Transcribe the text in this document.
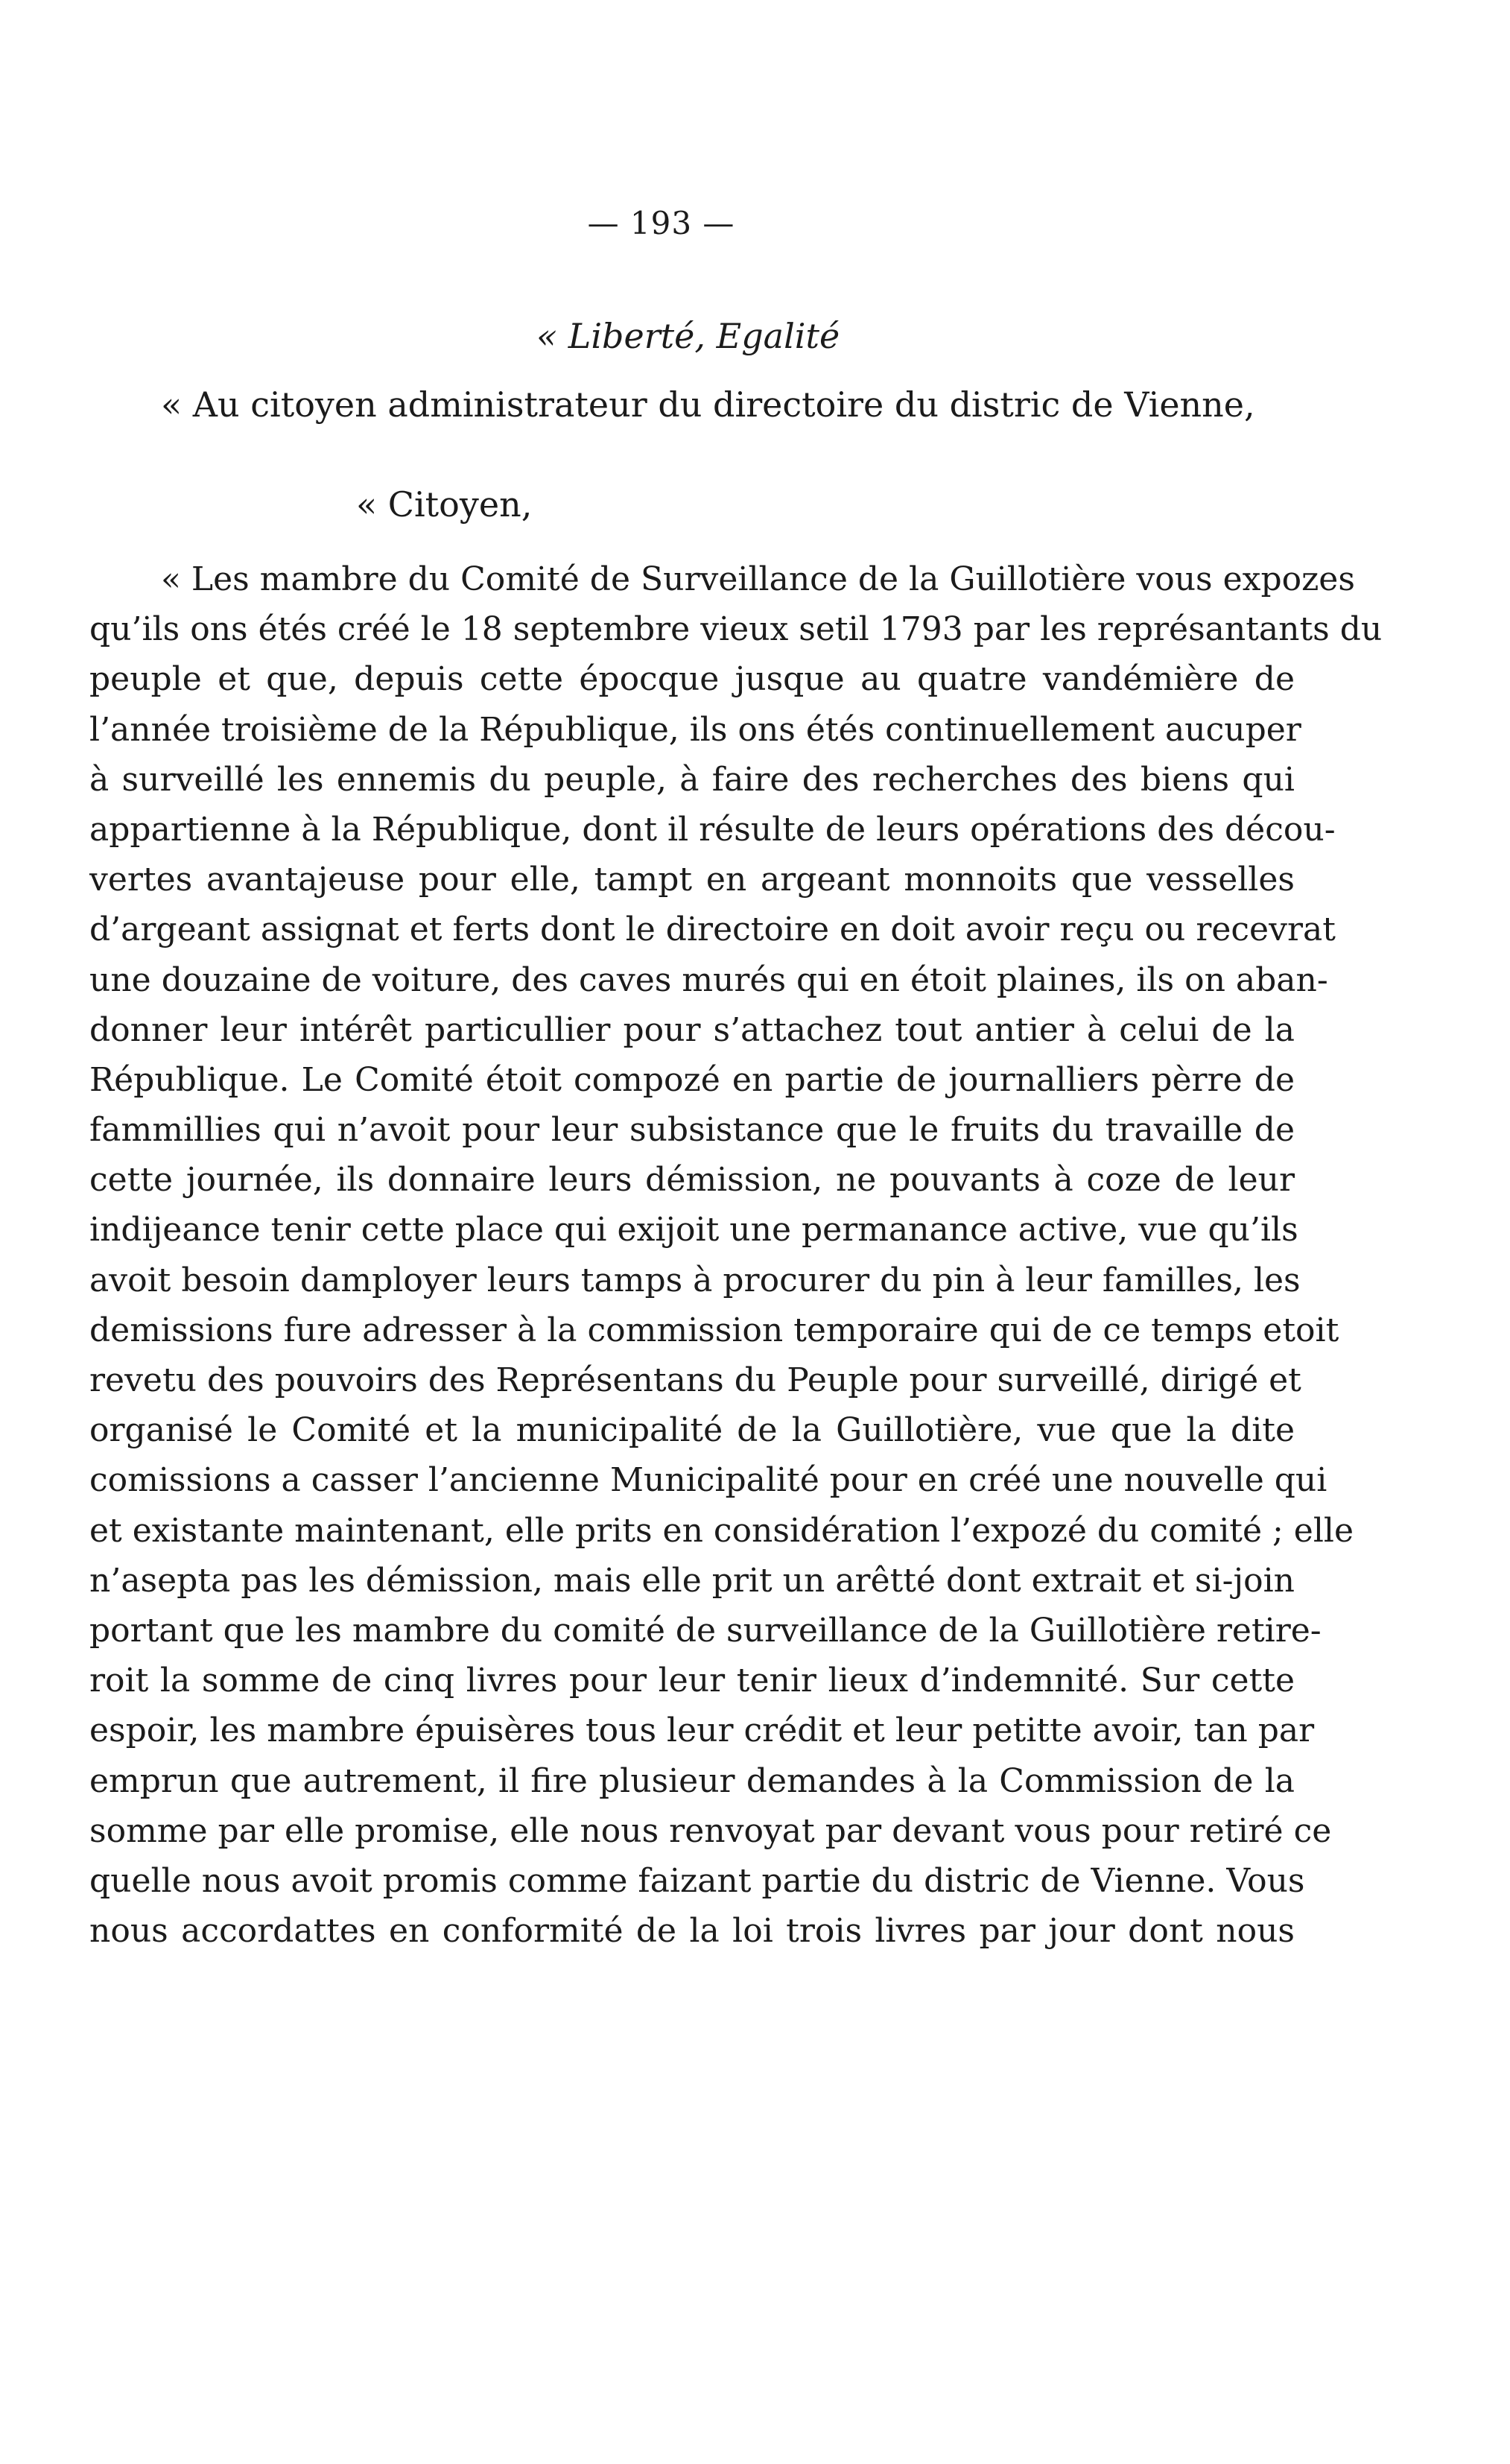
— 193 —
« Liberté, Egalité
« Au citoyen administrateur du directoire du distric de Vienne,
« Citoyen,
« Les mambre du Comité de Surveillance de la Guillotière vous expozes
qu’ils ons étés créé le 18 septembre vieux setil 1793 par les représantants du
peuple et que, depuis cette épocque jusque au quatre vandémière de
l’année troisième de la République, ils ons étés continuellement aucuper
à surveillé les ennemis du peuple, à faire des recherches des biens qui
appartienne à la République, dont il résulte de leurs opérations des décou-
vertes avantajeuse pour elle, tampt en argeant monnoits que vesselles
d’argeant assignat et ferts dont le directoire en doit avoir reçu ou recevrat
une douzaine de voiture, des caves murés qui en étoit plaines, ils on aban-
donner leur intérêt particullier pour s’attachez tout antier à celui de la
République. Le Comité étoit compozé en partie de journalliers pèrre de
fammillies qui n’avoit pour leur subsistance que le fruits du travaille de
cette journée, ils donnaire leurs démission, ne pouvants à coze de leur
indijeance tenir cette place qui exijoit une permanance active, vue qu’ils
avoit besoin damployer leurs tamps à procurer du pin à leur familles, les
demissions fure adresser à la commission temporaire qui de ce temps etoit
revetu des pouvoirs des Représentans du Peuple pour surveillé, dirigé et
organisé le Comité et la municipalité de la Guillotière, vue que la dite
comissions a casser l’ancienne Municipalité pour en créé une nouvelle qui
et existante maintenant, elle prits en considération l’expozé du comité ; elle
n’asepta pas les démission, mais elle prit un arêtté dont extrait et si-join
portant que les mambre du comité de surveillance de la Guillotière retire-
roit la somme de cinq livres pour leur tenir lieux d’indemnité. Sur cette
espoir, les mambre épuisères tous leur crédit et leur petitte avoir, tan par
emprun que autrement, il fire plusieur demandes à la Commission de la
somme par elle promise, elle nous renvoyat par devant vous pour retiré ce
quelle nous avoit promis comme faizant partie du distric de Vienne. Vous
nous accordattes en conformité de la loi trois livres par jour dont nous
